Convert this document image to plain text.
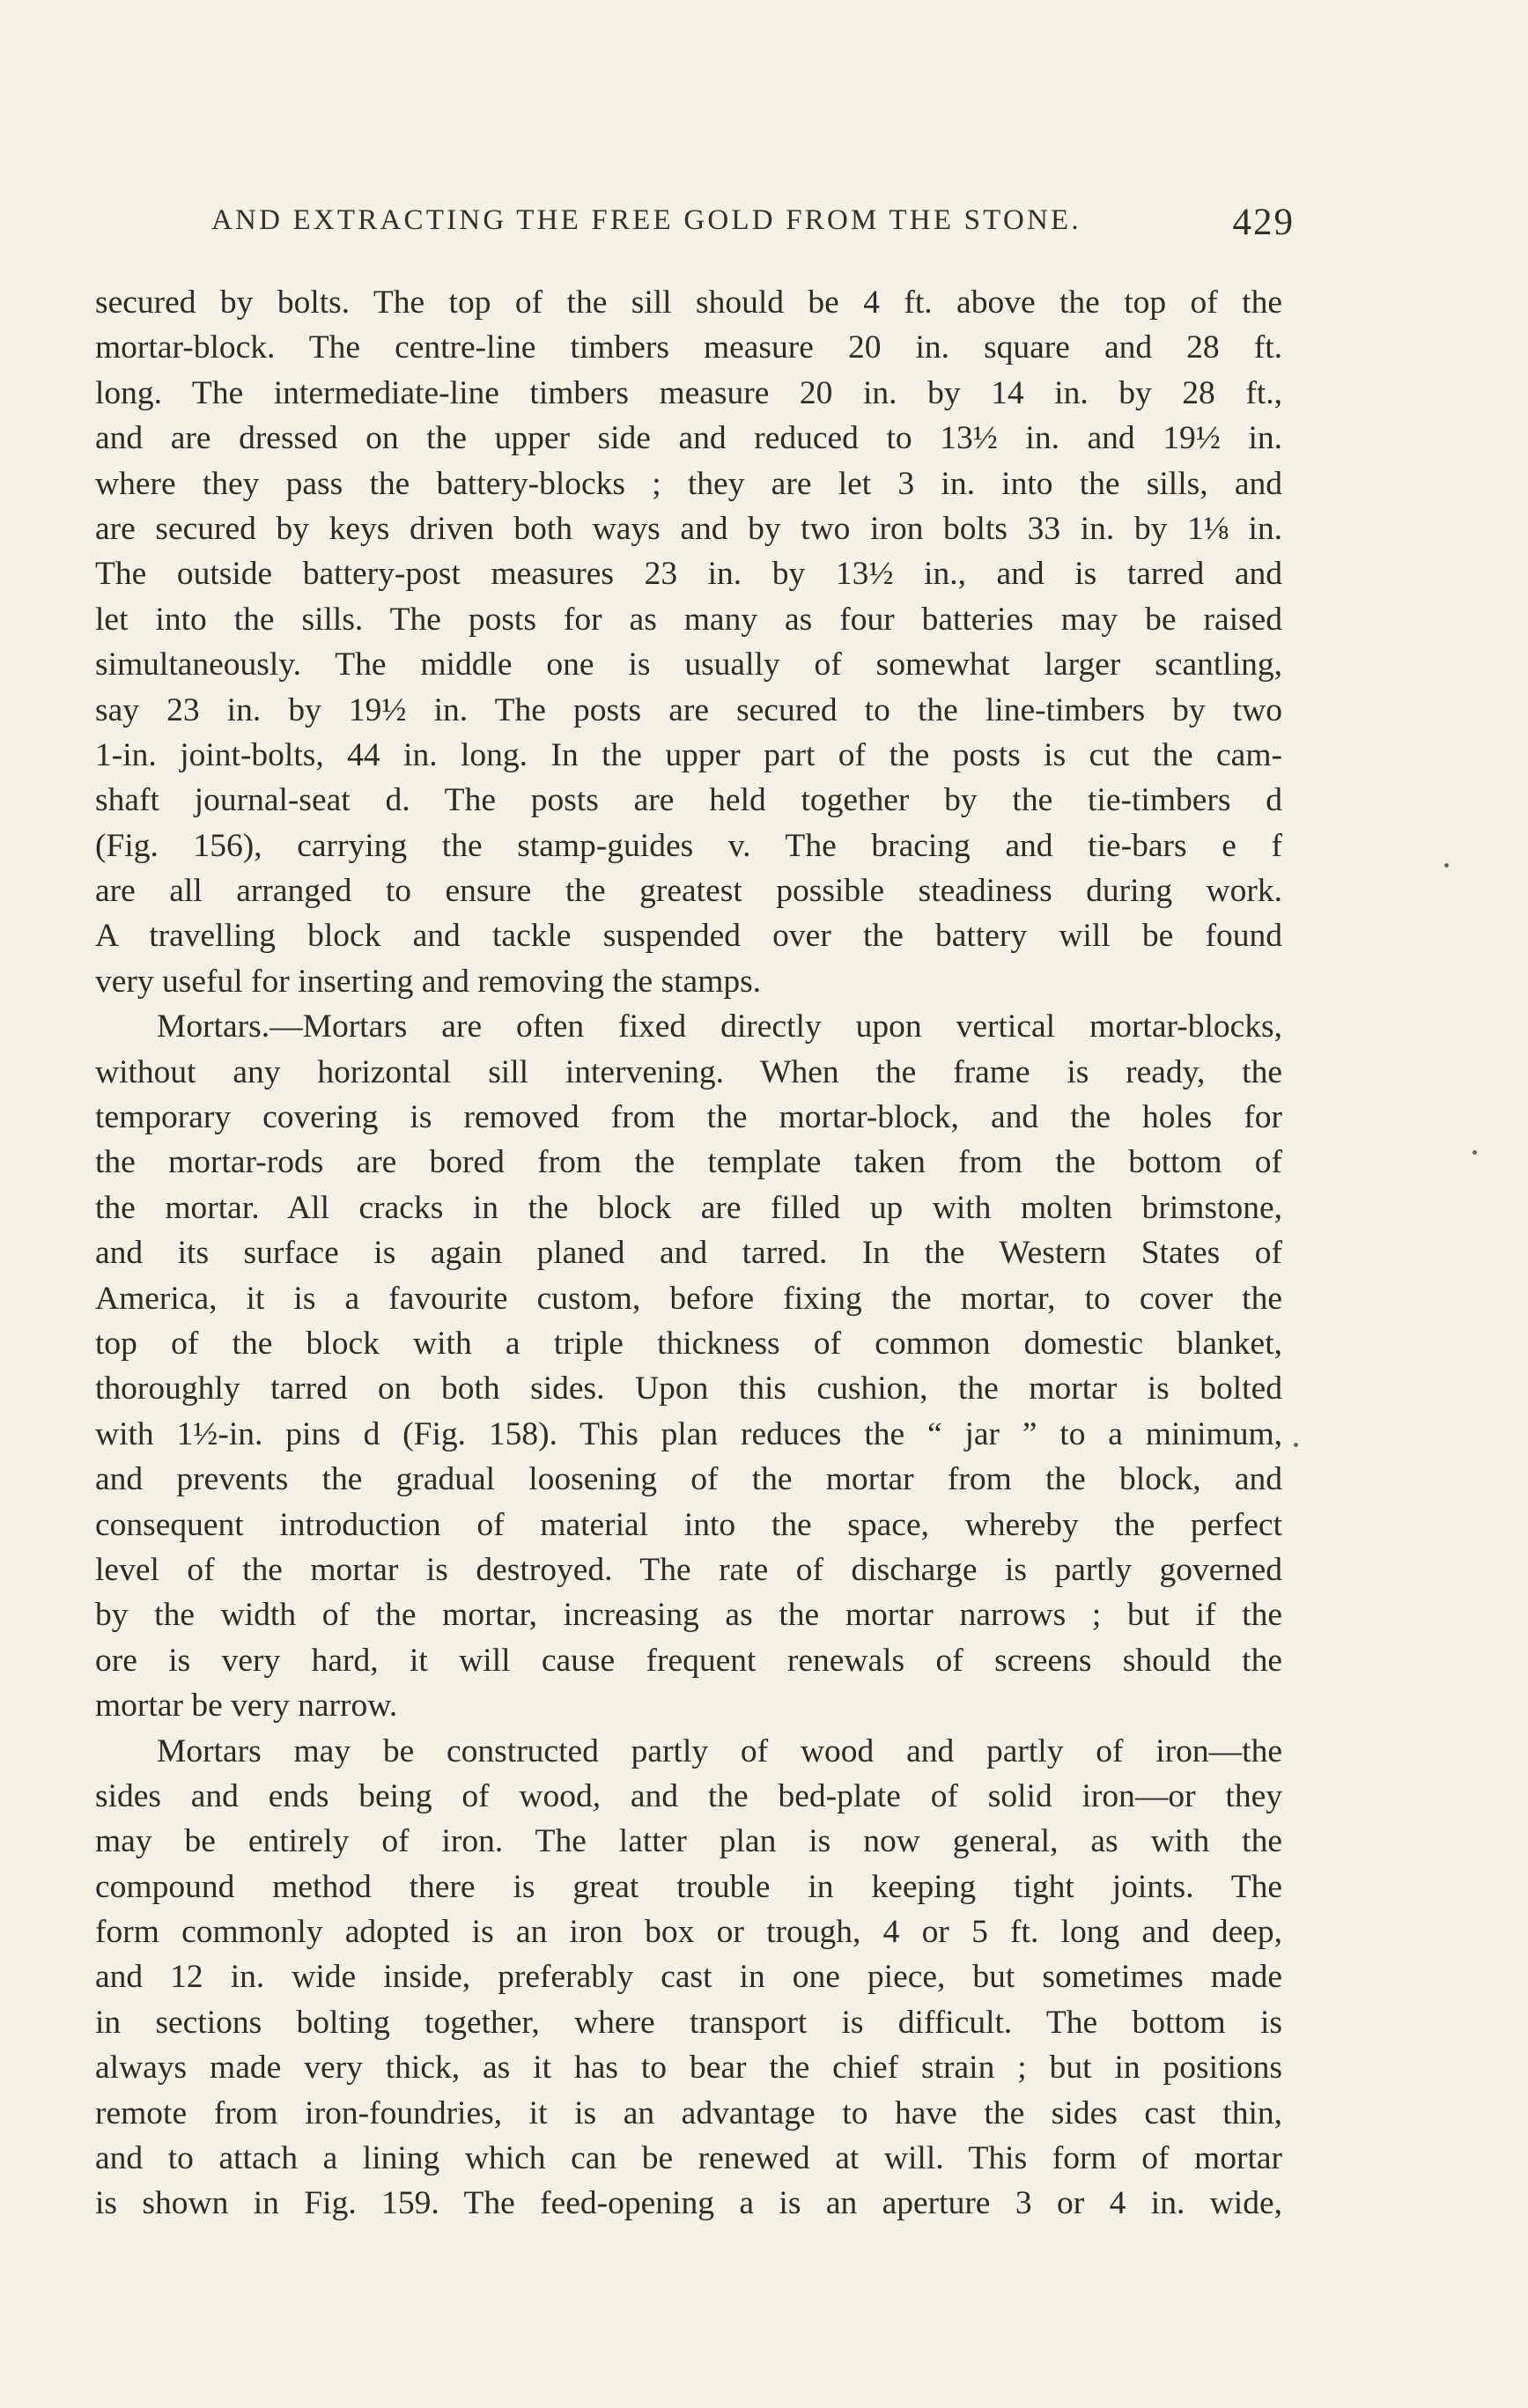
AND EXTRACTING THE FREE GOLD FROM THE STONE.	429
secured by bolts. The top of the sill should be 4 ft. above the top of the
mortar-block. The centre-line timbers measure 20 in. square and 28 ft.
long. The intermediate-line timbers measure 20 in. by 14 in. by 28 ft.,
and are dressed on the upper side and reduced to 13½ in. and 19½ in.
where they pass the battery-blocks ; they are let 3 in. into the sills, and
are secured by keys driven both ways and by two iron bolts 33 in. by 1⅛ in.
The outside battery-post measures 23 in. by 13½ in., and is tarred and
let into the sills. The posts for as many as four batteries may be raised
simultaneously. The middle one is usually of somewhat larger scantling,
say 23 in. by 19½ in. The posts are secured to the line-timbers by two
1-in. joint-bolts, 44 in. long. In the upper part of the posts is cut the cam-
shaft journal-seat d. The posts are held together by the tie-timbers d
(Fig. 156), carrying the stamp-guides v. The bracing and tie-bars e f
are all arranged to ensure the greatest possible steadiness during work.
A travelling block and tackle suspended over the battery will be found
very useful for inserting and removing the stamps.
Mortars.—Mortars are often fixed directly upon vertical mortar-blocks,
without any horizontal sill intervening. When the frame is ready, the
temporary covering is removed from the mortar-block, and the holes for
the mortar-rods are bored from the template taken from the bottom of
the mortar. All cracks in the block are filled up with molten brimstone,
and its surface is again planed and tarred. In the Western States of
America, it is a favourite custom, before fixing the mortar, to cover the
top of the block with a triple thickness of common domestic blanket,
thoroughly tarred on both sides. Upon this cushion, the mortar is bolted
with 1½-in. pins d (Fig. 158). This plan reduces the “ jar ” to a minimum,
and prevents the gradual loosening of the mortar from the block, and
consequent introduction of material into the space, whereby the perfect
level of the mortar is destroyed. The rate of discharge is partly governed
by the width of the mortar, increasing as the mortar narrows ; but if the
ore is very hard, it will cause frequent renewals of screens should the
mortar be very narrow.
Mortars may be constructed partly of wood and partly of iron—the
sides and ends being of wood, and the bed-plate of solid iron—or they
may be entirely of iron. The latter plan is now general, as with the
compound method there is great trouble in keeping tight joints. The
form commonly adopted is an iron box or trough, 4 or 5 ft. long and deep,
and 12 in. wide inside, preferably cast in one piece, but sometimes made
in sections bolting together, where transport is difficult. The bottom is
always made very thick, as it has to bear the chief strain ; but in positions
remote from iron-foundries, it is an advantage to have the sides cast thin,
and to attach a lining which can be renewed at will. This form of mortar
is shown in Fig. 159. The feed-opening a is an aperture 3 or 4 in. wide,
